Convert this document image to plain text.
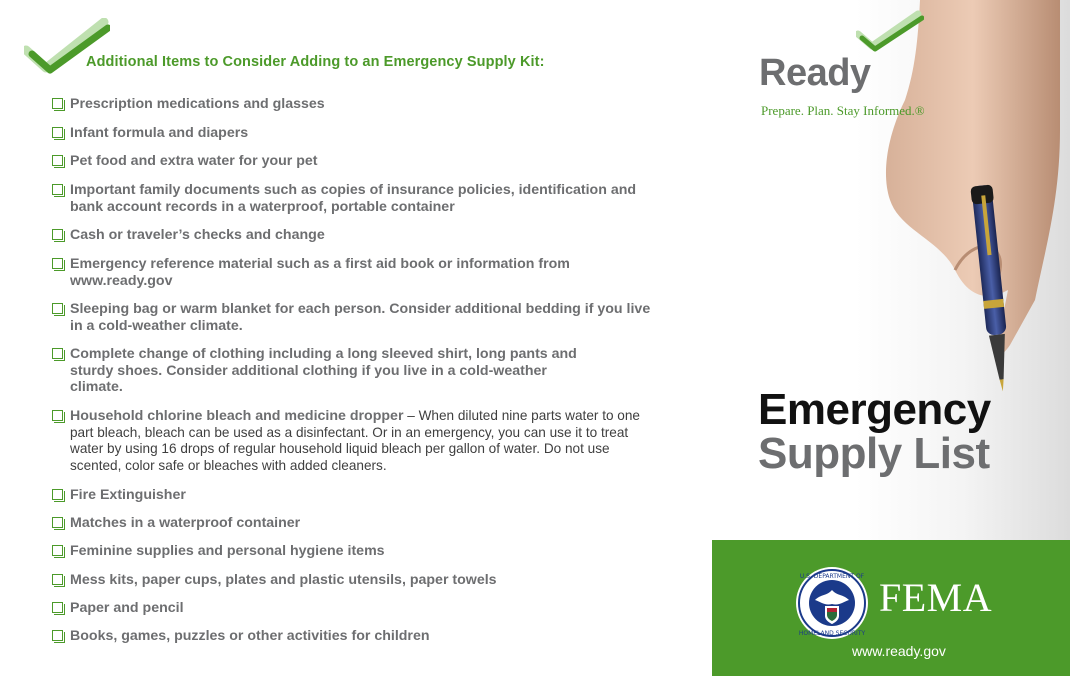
Additional Items to Consider Adding to an Emergency Supply Kit:
Prescription medications and glasses
Infant formula and diapers
Pet food and extra water for your pet
Important family documents such as copies of insurance policies, identification and bank account records in a waterproof, portable container
Cash or traveler’s checks and change
Emergency reference material such as a first aid book or information from www.ready.gov
Sleeping bag or warm blanket for each person. Consider additional bedding if you live in a cold-weather climate.
Complete change of clothing including a long sleeved shirt, long pants and sturdy shoes. Consider additional clothing if you live in a cold-weather climate.
Household chlorine bleach and medicine dropper – When diluted nine parts water to one part bleach, bleach can be used as a disinfectant. Or in an emergency, you can use it to treat water by using 16 drops of regular household liquid bleach per gallon of water. Do not use scented, color safe or bleaches with added cleaners.
Fire Extinguisher
Matches in a waterproof container
Feminine supplies and personal hygiene items
Mess kits, paper cups, plates and plastic utensils, paper towels
Paper and pencil
Books, games, puzzles or other activities for children
Ready
Prepare. Plan. Stay Informed.®
Emergency
Supply List
U.S. DEPARTMENT OF
HOMELAND SECURITY
FEMA
www.ready.gov
